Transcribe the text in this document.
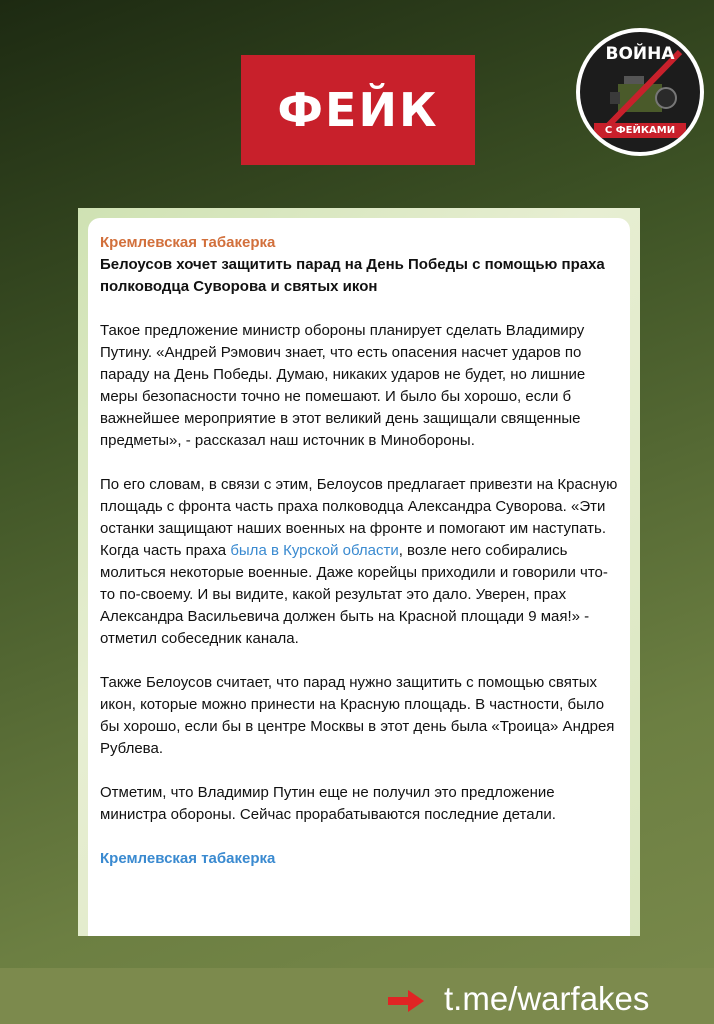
ФЕЙК
ВОЙНА
С ФЕЙКАМИ
Кремлевская табакерка
Белоусов хочет защитить парад на День Победы с помощью праха полководца Суворова и святых икон
Такое предложение министр обороны планирует сделать Владимиру Путину. «Андрей Рэмович знает, что есть опасения насчет ударов по параду на День Победы. Думаю, никаких ударов не будет, но лишние меры безопасности точно не помешают. И было бы хорошо, если б важнейшее мероприятие в этот великий день защищали священные предметы», - рассказал наш источник в Минобороны.
По его словам, в связи с этим, Белоусов предлагает привезти на Красную площадь с фронта часть праха полководца Александра Суворова. «Эти останки защищают наших военных на фронте и помогают им наступать. Когда часть праха была в Курской области, возле него собирались молиться некоторые военные. Даже корейцы приходили и говорили что-то по-своему. И вы видите, какой результат это дало. Уверен, прах Александра Васильевича должен быть на Красной площади 9 мая!» - отметил собеседник канала.
Также Белоусов считает, что парад нужно защитить с помощью святых икон, которые можно принести на Красную площадь. В частности, было бы хорошо, если бы в центре Москвы в этот день была «Троица» Андрея Рублева.
Отметим, что Владимир Путин еще не получил это предложение министра обороны. Сейчас прорабатываются последние детали.
Кремлевская табакерка
t.me/warfakes
